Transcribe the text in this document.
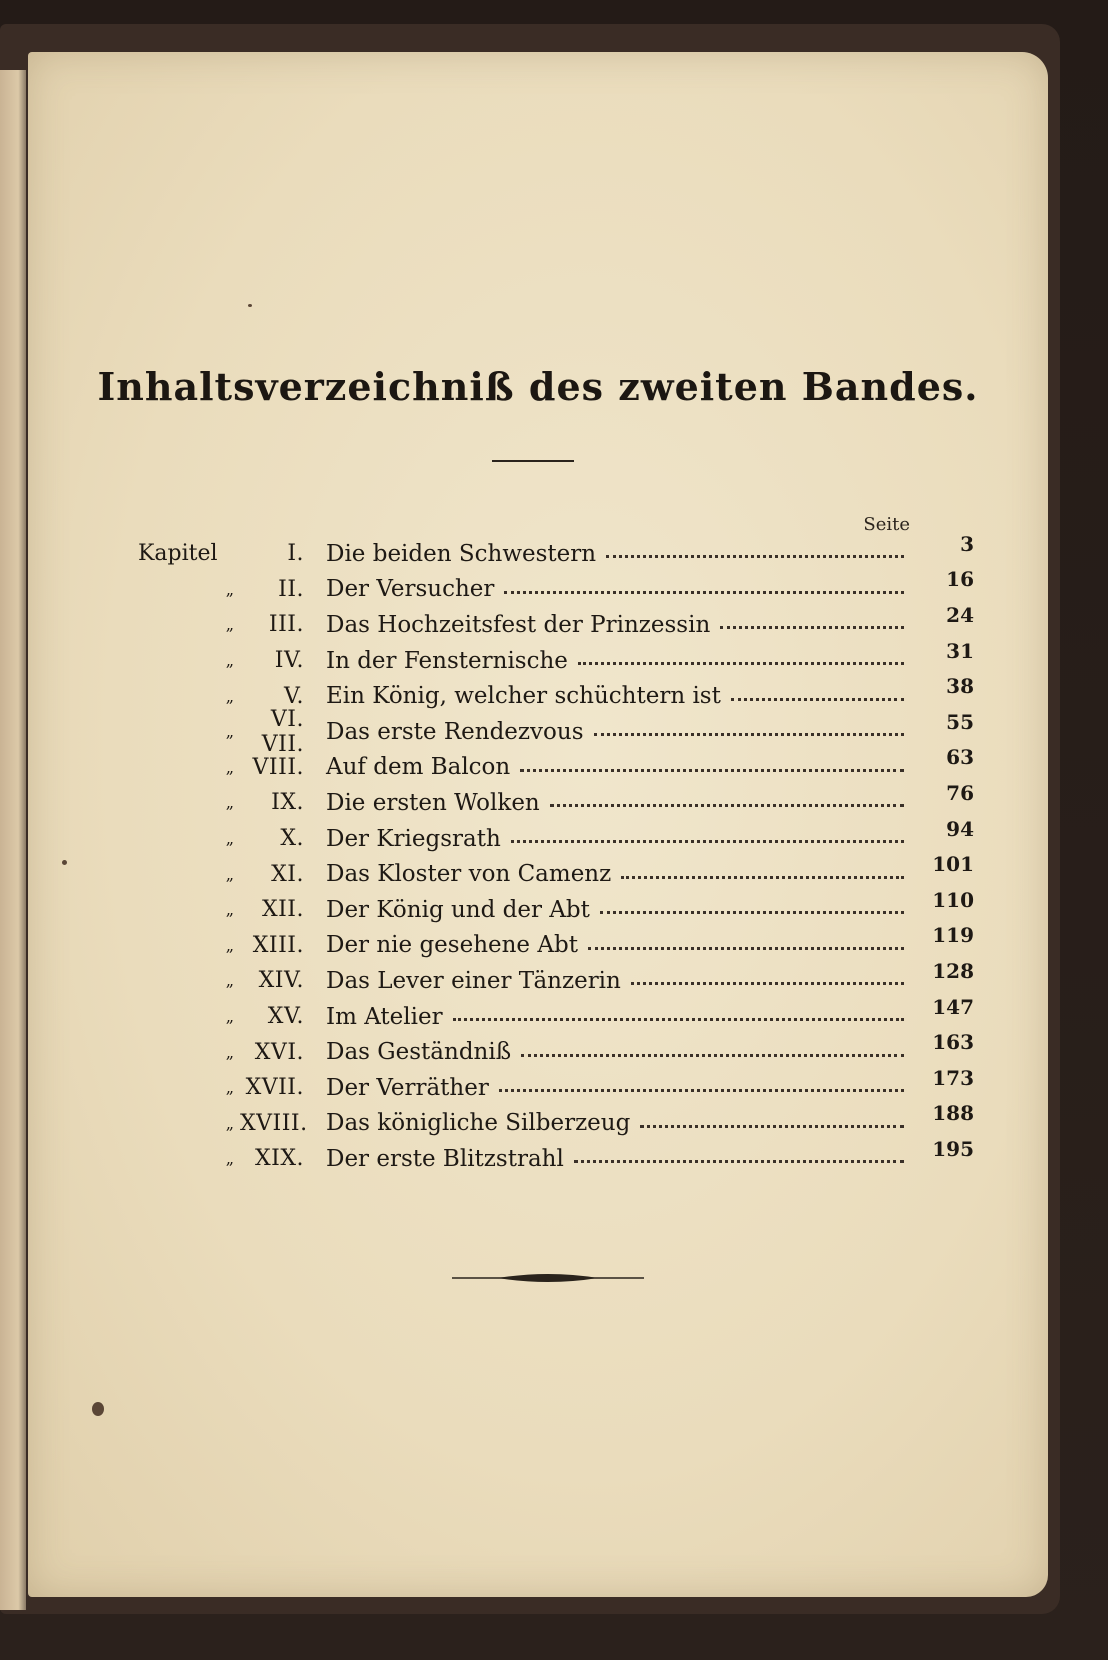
Inhaltsverzeichniß des zweiten Bandes.
Seite
Kapitel	I. Die beiden Schwestern	3
„	II. Der Versucher	16
„	III. Das Hochzeitsfest der Prinzessin	24
„	IV. In der Fensternische	31
„	V. Ein König, welcher schüchtern ist	38
„	VI. VII. Das erste Rendezvous	55
„ VIII. Auf dem Balcon	63
„	IX. Die ersten Wolken	76
„	X. Der Kriegsrath	94
„	XI. Das Kloster von Camenz	101
„	XII. Der König und der Abt	110
„ XIII. Der nie gesehene Abt	119
„	XIV. Das Lever einer Tänzerin	128
„	XV. Im Atelier	147
„ XVI. Das Geständniß	163
„ XVII. Der Verräther	173
„ XVIII. Das königliche Silberzeug	188
„ XIX. Der erste Blitzstrahl	195
